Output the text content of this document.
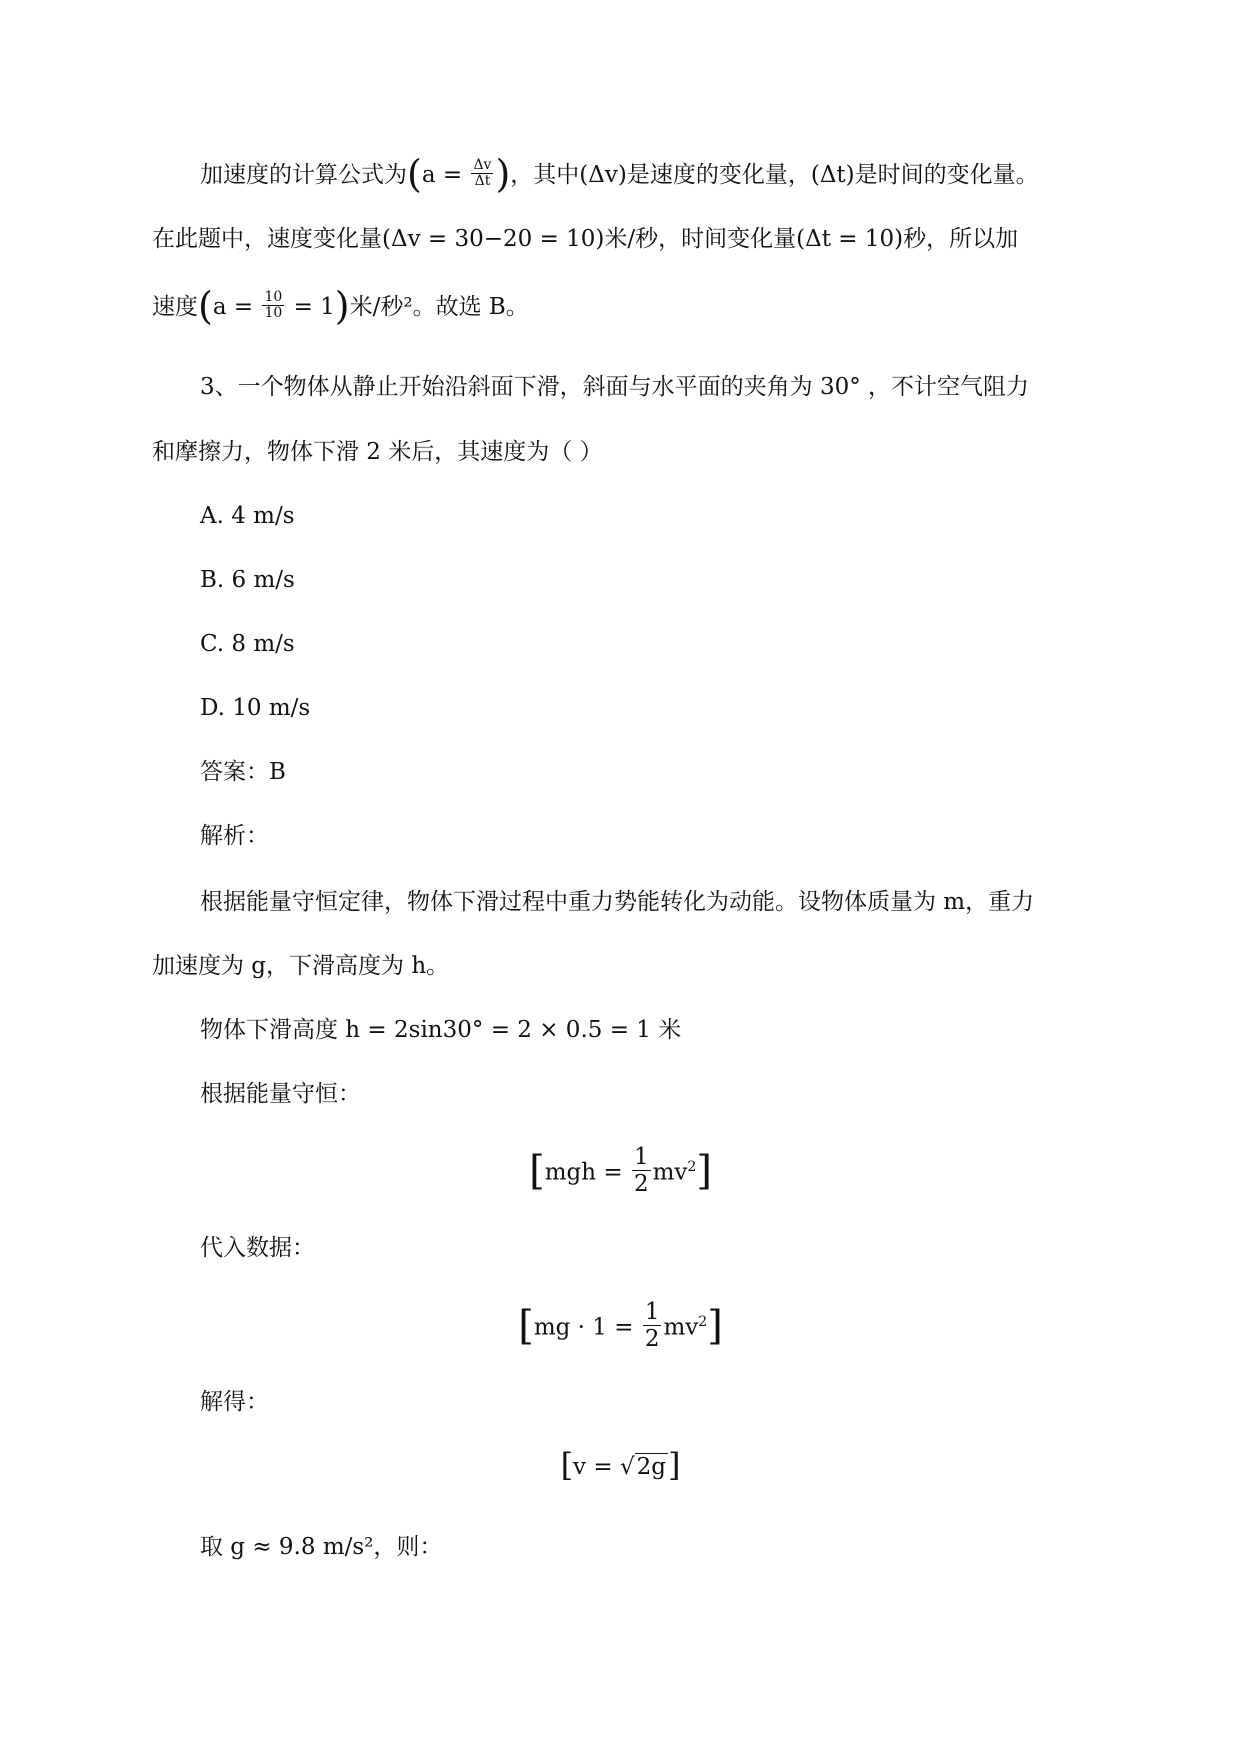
加速度的计算公式为($a = \frac{\Delta v}{\Delta t}$ )，其中(Δv)是速度的变化量，(Δt)是时间的变化量。
在此题中，速度变化量(Δv = 30−20 = 10)米/秒，时间变化量(Δt = 10)秒，所以加
速度$(a = \frac{10}{10} = 1)$米/秒²。故选 B。
3、一个物体从静止开始沿斜面下滑，斜面与水平面的夹角为 30° ，不计空气阻力
和摩擦力，物体下滑 2 米后，其速度为（ ）
A. 4 m/s
B. 6 m/s
C. 8 m/s
D. 10 m/s
答案：B
解析：
根据能量守恒定律，物体下滑过程中重力势能转化为动能。设物体质量为 m，重力
加速度为 g，下滑高度为 h。
物体下滑高度 h = 2sin30° = 2 × 0.5 = 1 米
根据能量守恒：
$[mgh = \frac{1}{2} mv^2]$
代入数据：
$[mg \cdot 1 = \frac{1}{2} mv^2]$
解得：
[v = √2g]
取 g ≈ 9.8 m/s²，则：
